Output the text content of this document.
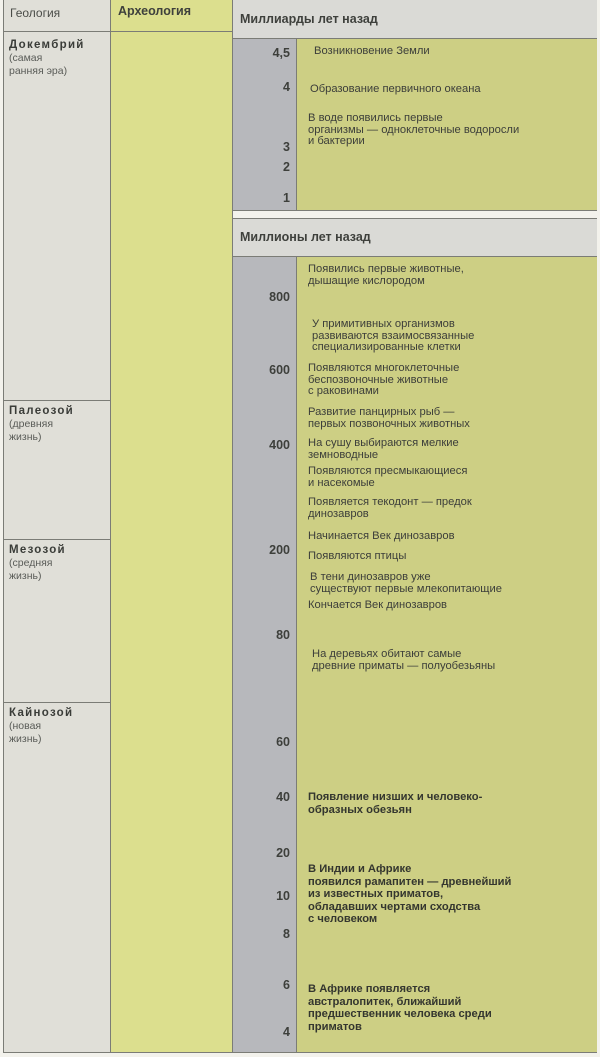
Геология	Археология
Миллиарды лет назад
Миллионы лет назад
Докембрий
(самая
ранняя эра)
Палеозой
(древняя
жизнь)
Мезозой
(средняя
жизнь)
Кайнозой
(новая
жизнь)
4,5
4
3
2
1
Возникновение Земли
Образование первичного океана
В воде появились первые
организмы — одноклеточные водоросли
и бактерии
800
600
400
200
80
60
40
20
10
8
6
4
Появились первые животные,
дышащие кислородом
У примитивных организмов
развиваются взаимосвязанные
специализированные клетки
Появляются многоклеточные
беспозвоночные животные
с раковинами
Развитие панцирных рыб —
первых позвоночных животных
На сушу выбираются мелкие
земноводные
Появляются пресмыкающиеся
и насекомые
Появляется текодонт — предок
динозавров
Начинается Век динозавров
Появляются птицы
В тени динозавров уже
существуют первые млекопитающие
Кончается Век динозавров
На деревьях обитают самые
древние приматы — полуобезьяны
Появление низших и человеко-
образных обезьян
В Индии и Африке
появился рамапитен — древнейший
из известных приматов,
обладавших чертами сходства
с человеком
В Африке появляется
австралопитек, ближайший
предшественник человека среди
приматов
